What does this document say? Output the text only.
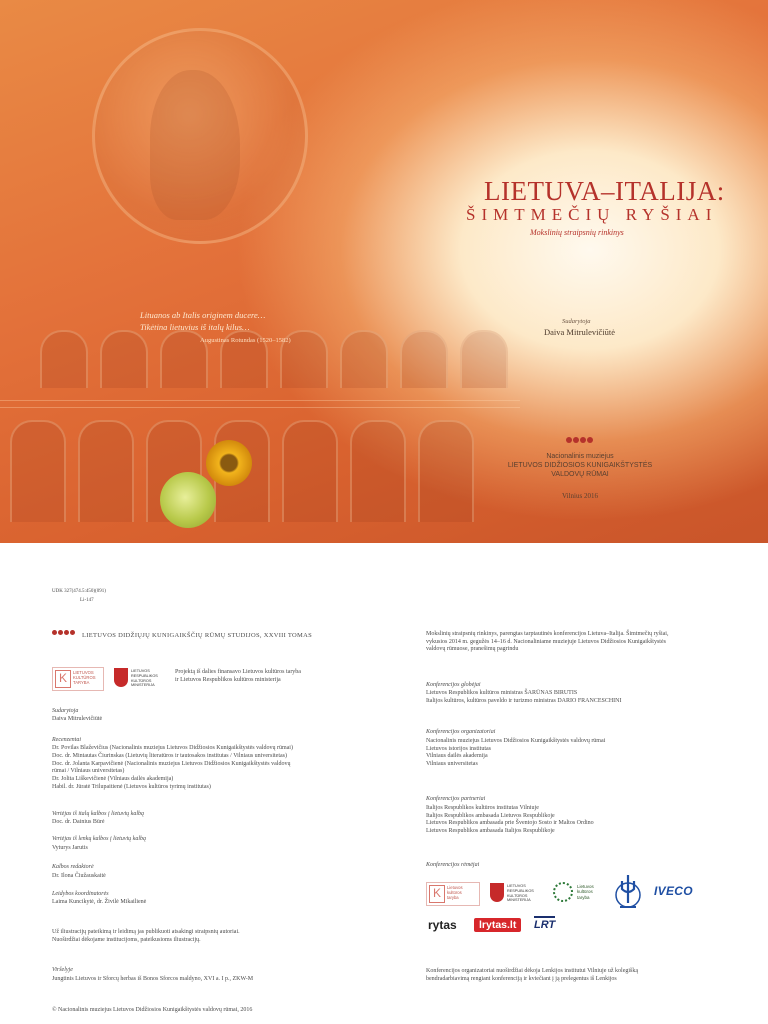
LIETUVA–ITALIJA:
ŠIMTMEČIŲ RYŠIAI
Mokslinių straipsnių rinkinys
Lituanos ab Italis originem ducere…
Tikėtina lietuvius iš italų kilus…
Augustinas Rotundas (1520–1582)
Sudarytoja
Daiva Mitrulevičiūtė
Nacionalinis muziejus
LIETUVOS DIDŽIOSIOS KUNIGAIKŠTYSTĖS
VALDOVŲ RŪMAI
Vilnius 2016
UDK 327(474.5:450)(091)
Li-147
LIETUVOS DIDŽIŲJŲ KUNIGAIKŠČIŲ RŪMŲ STUDIJOS, XXVIII TOMAS
K	LIETUVOS
KULTŪROS
TARYBA
LIETUVOS
RESPUBLIKOS
KULTŪROS
MINISTERIJA
Projektą iš dalies finansavo Lietuvos kultūros taryba
ir Lietuvos Respublikos kultūros ministerija
Sudarytoja
Daiva Mitrulevičiūtė
Recenzentai
Dr. Povilas Blaževičius (Nacionalinis muziejus Lietuvos Didžiosios Kunigaikštystės valdovų rūmai)
Doc. dr. Mintautas Čiurinskas (Lietuvių literatūros ir tautosakos institutas / Vilniaus universitetas)
Doc. dr. Jolanta Karpavičienė (Nacionalinis muziejus Lietuvos Didžiosios Kunigaikštystės valdovų
rūmai / Vilniaus universitetas)
Dr. Jolita Liškevičienė (Vilniaus dailės akademija)
Habil. dr. Jūratė Trilupaitienė (Lietuvos kultūros tyrimų institutas)
Vertėjas iš italų kalbos į lietuvių kalbą
Doc. dr. Dainius Būrė
Vertėjas iš lenkų kalbos į lietuvių kalbą
Vyturys Jarutis
Kalbos redaktorė
Dr. Ilona Čiužauskaitė
Leidybos koordinatorės
Laima Kuncikytė, dr. Živilė Mikailienė
Už iliustracijų pateikimą ir leidimą jas publikuoti atsakingi straipsnių autoriai.
Nuoširdžiai dėkojame institucijoms, pateikusioms iliustracijų.
Viršelyje
Jungtinis Lietuvos ir Sforcų herbas iš Bonos Sforcos maldyno, XVI a. I p., ZKW-M
© Nacionalinis muziejus Lietuvos Didžiosios Kunigaikštystės valdovų rūmai, 2016
Mokslinių straipsnių rinkinys, parengtas tarptautinės konferencijos Lietuva–Italija. Šimtmečių ryšiai,
vykusios 2014 m. gegužės 14–16 d. Nacionaliniame muziejuje Lietuvos Didžiosios Kunigaikštystės
valdovų rūmuose, pranešimų pagrindu
Konferencijos globėjai
Lietuvos Respublikos kultūros ministras ŠARŪNAS BIRUTIS
Italijos kultūros, kultūros paveldo ir turizmo ministras DARIO FRANCESCHINI
Konferencijos organizatoriai
Nacionalinis muziejus Lietuvos Didžiosios Kunigaikštystės valdovų rūmai
Lietuvos istorijos institutas
Vilniaus dailės akademija
Vilniaus universitetas
Konferencijos partneriai
Italijos Respublikos kultūros institutas Vilniuje
Italijos Respublikos ambasada Lietuvos Respublikoje
Lietuvos Respublikos ambasada prie Šventojo Sosto ir Maltos Ordino
Lietuvos Respublikos ambasada Italijos Respublikoje
Konferencijos rėmėjai
K	Lietuvos
kultūros
taryba
LIETUVOS
RESPUBLIKOS
KULTŪROS
MINISTERIJA
Lietuvos
kultūros
taryba	IVECO
rytas	lrytas.lt	LRT
Konferencijos organizatoriai nuoširdžiai dėkoja Lenkijos institutui Vilniuje už kolegišką
bendradarbiavimą rengiant konferenciją ir kviečiant į ją prelegentus iš Lenkijos
